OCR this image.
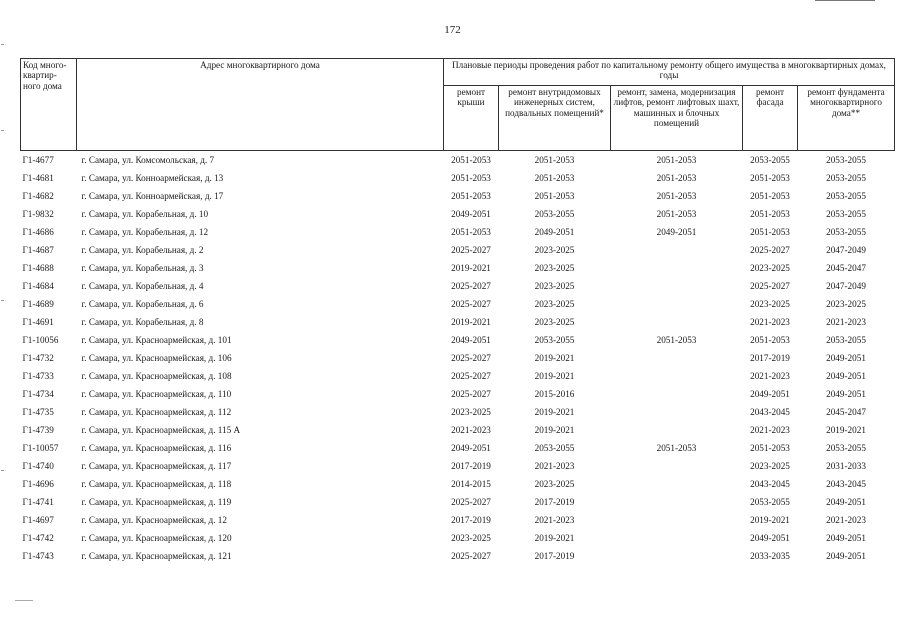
172
Код много-квартир-ного дома	Адрес многоквартирного дома	Плановые периоды проведения работ по капитальному ремонту общего имущества в многоквартирных домах, годы				
		ремонт крыши	ремонт внутридомовых инженерных систем, подвальных помещений*	ремонт, замена, модернизация лифтов, ремонт лифтовых шахт, машинных и блочных помещений	ремонт фасада	ремонт фундамента многоквартирного дома**
Г1-4677	г. Самара, ул. Комсомольская, д. 7	2051-2053	2051-2053	2051-2053	2053-2055	2053-2055
Г1-4681	г. Самара, ул. Конноармейская, д. 13	2051-2053	2051-2053	2051-2053	2051-2053	2053-2055
Г1-4682	г. Самара, ул. Конноармейская, д. 17	2051-2053	2051-2053	2051-2053	2051-2053	2053-2055
Г1-9832	г. Самара, ул. Корабельная, д. 10	2049-2051	2053-2055	2051-2053	2051-2053	2053-2055
Г1-4686	г. Самара, ул. Корабельная, д. 12	2051-2053	2049-2051	2049-2051	2051-2053	2053-2055
Г1-4687	г. Самара, ул. Корабельная, д. 2	2025-2027	2023-2025		2025-2027	2047-2049
Г1-4688	г. Самара, ул. Корабельная, д. 3	2019-2021	2023-2025		2023-2025	2045-2047
Г1-4684	г. Самара, ул. Корабельная, д. 4	2025-2027	2023-2025		2025-2027	2047-2049
Г1-4689	г. Самара, ул. Корабельная, д. 6	2025-2027	2023-2025		2023-2025	2023-2025
Г1-4691	г. Самара, ул. Корабельная, д. 8	2019-2021	2023-2025		2021-2023	2021-2023
Г1-10056	г. Самара, ул. Красноармейская, д. 101	2049-2051	2053-2055	2051-2053	2051-2053	2053-2055
Г1-4732	г. Самара, ул. Красноармейская, д. 106	2025-2027	2019-2021		2017-2019	2049-2051
Г1-4733	г. Самара, ул. Красноармейская, д. 108	2025-2027	2019-2021		2021-2023	2049-2051
Г1-4734	г. Самара, ул. Красноармейская, д. 110	2025-2027	2015-2016		2049-2051	2049-2051
Г1-4735	г. Самара, ул. Красноармейская, д. 112	2023-2025	2019-2021		2043-2045	2045-2047
Г1-4739	г. Самара, ул. Красноармейская, д. 115 А	2021-2023	2019-2021		2021-2023	2019-2021
Г1-10057	г. Самара, ул. Красноармейская, д. 116	2049-2051	2053-2055	2051-2053	2051-2053	2053-2055
Г1-4740	г. Самара, ул. Красноармейская, д. 117	2017-2019	2021-2023		2023-2025	2031-2033
Г1-4696	г. Самара, ул. Красноармейская, д. 118	2014-2015	2023-2025		2043-2045	2043-2045
Г1-4741	г. Самара, ул. Красноармейская, д. 119	2025-2027	2017-2019		2053-2055	2049-2051
Г1-4697	г. Самара, ул. Красноармейская, д. 12	2017-2019	2021-2023		2019-2021	2021-2023
Г1-4742	г. Самара, ул. Красноармейская, д. 120	2023-2025	2019-2021		2049-2051	2049-2051
Г1-4743	г. Самара, ул. Красноармейская, д. 121	2025-2027	2017-2019		2033-2035	2049-2051
